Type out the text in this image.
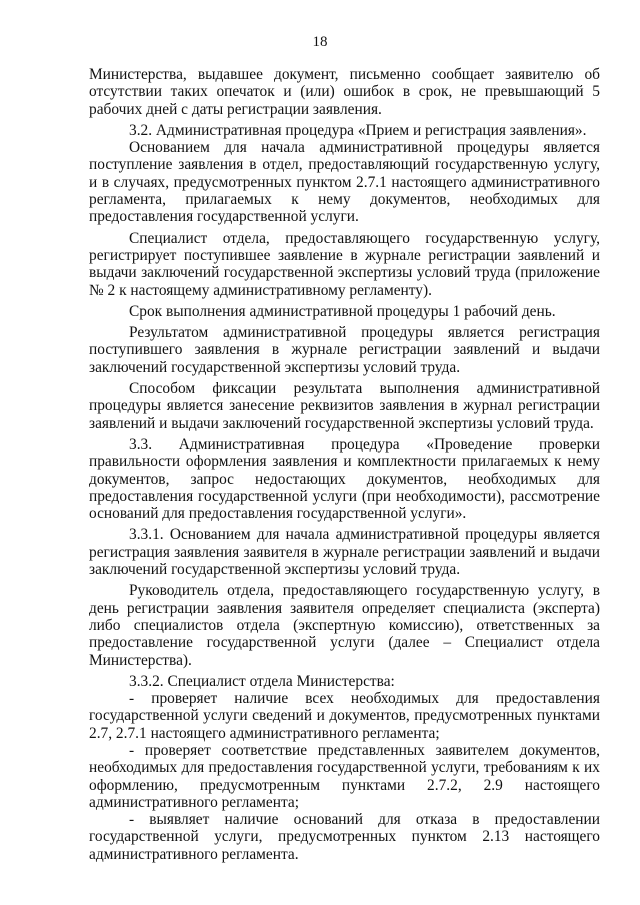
18

Министерства, выдавшее документ, письменно сообщает заявителю об отсутствии таких опечаток и (или) ошибок в срок, не превышающий 5 рабочих дней с даты регистрации заявления.

3.2. Административная процедура «Прием и регистрация заявления».

Основанием для начала административной процедуры является поступление заявления в отдел, предоставляющий государственную услугу, и в случаях, предусмотренных пунктом 2.7.1 настоящего административного регламента, прилагаемых к нему документов, необходимых для предоставления государственной услуги.

Специалист отдела, предоставляющего государственную услугу, регистрирует поступившее заявление в журнале регистрации заявлений и выдачи заключений государственной экспертизы условий труда (приложение № 2 к настоящему административному регламенту).

Срок выполнения административной процедуры 1 рабочий день.

Результатом административной процедуры является регистрация поступившего заявления в журнале регистрации заявлений и выдачи заключений государственной экспертизы условий труда.

Способом фиксации результата выполнения административной процедуры является занесение реквизитов заявления в журнал регистрации заявлений и выдачи заключений государственной экспертизы условий труда.

3.3. Административная процедура «Проведение проверки правильности оформления заявления и комплектности прилагаемых к нему документов, запрос недостающих документов, необходимых для предоставления государственной услуги (при необходимости), рассмотрение оснований для предоставления государственной услуги».

3.3.1. Основанием для начала административной процедуры является регистрация заявления заявителя в журнале регистрации заявлений и выдачи заключений государственной экспертизы условий труда.

Руководитель отдела, предоставляющего государственную услугу, в день регистрации заявления заявителя определяет специалиста (эксперта) либо специалистов отдела (экспертную комиссию), ответственных за предоставление государственной услуги (далее – Специалист отдела Министерства).

3.3.2. Специалист отдела Министерства:

- проверяет наличие всех необходимых для предоставления государственной услуги сведений и документов, предусмотренных пунктами 2.7, 2.7.1 настоящего административного регламента;

- проверяет соответствие представленных заявителем документов, необходимых для предоставления государственной услуги, требованиям к их оформлению, предусмотренным пунктами 2.7.2, 2.9 настоящего административного регламента;

- выявляет наличие оснований для отказа в предоставлении государственной услуги, предусмотренных пунктом 2.13 настоящего административного регламента.
